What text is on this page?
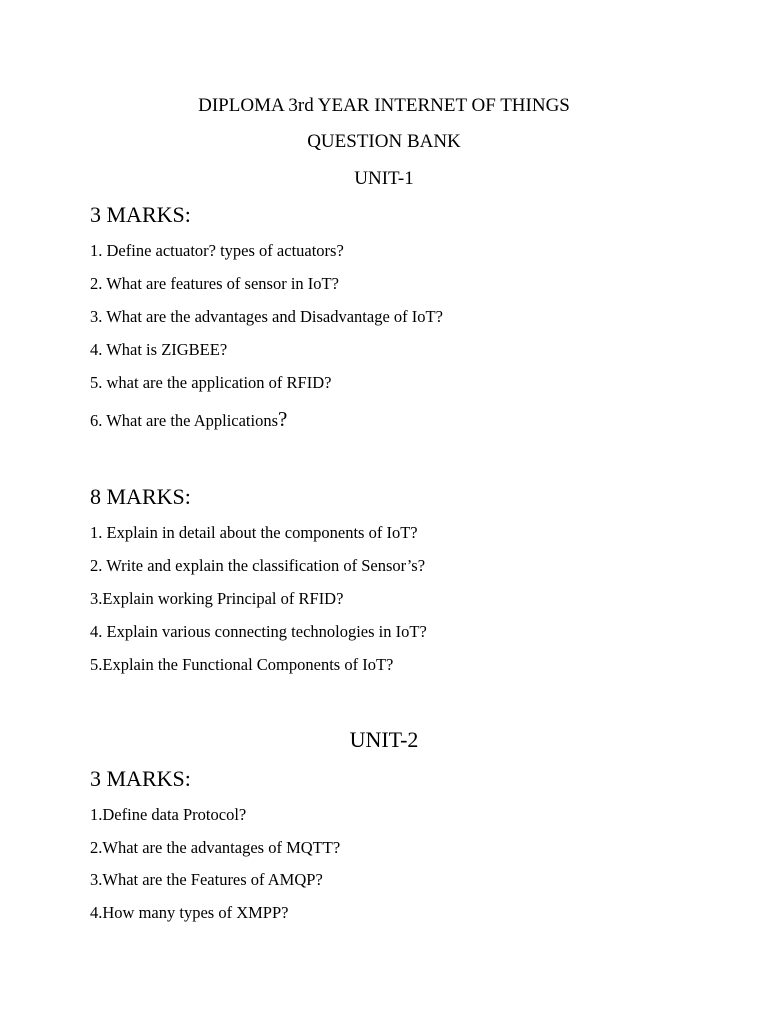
DIPLOMA 3rd YEAR INTERNET OF THINGS
QUESTION BANK
UNIT-1
3 MARKS:
1. Define actuator? types of actuators?
2. What are features of sensor in IoT?
3. What are the advantages and Disadvantage of IoT?
4. What is ZIGBEE?
5. what are the application of RFID?
6. What are the Applications?
8 MARKS:
1. Explain in detail about the components of IoT?
2. Write and explain the classification of Sensor’s?
3.Explain working Principal of RFID?
4. Explain various connecting technologies in IoT?
5.Explain the Functional Components of IoT?
UNIT-2
3 MARKS:
1.Define data Protocol?
2.What are the advantages of MQTT?
3.What are the Features of AMQP?
4.How many types of XMPP?
